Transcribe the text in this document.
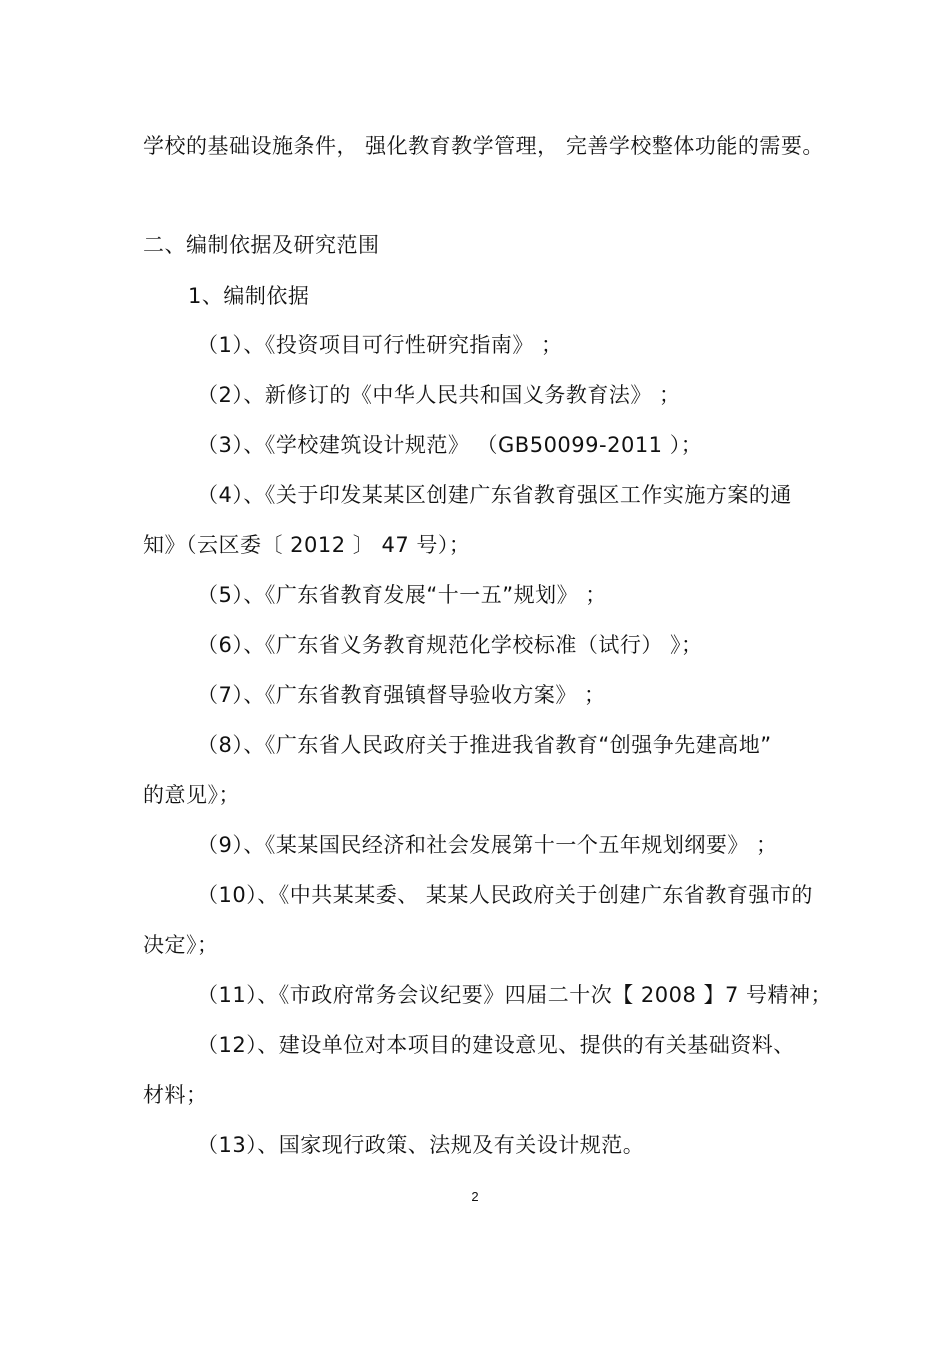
学校的基础设施条件， 强化教育教学管理， 完善学校整体功能的需要。
二、编制依据及研究范围
1、编制依据
（1）、《投资项目可行性研究指南》 ；
（2）、新修订的《中华人民共和国义务教育法》 ；
（3）、《学校建筑设计规范》 （GB50099-2011 ）；
（4）、《关于印发某某区创建广东省教育强区工作实施方案的通
知》（云区委〔 2012 〕 47 号）；
（5）、《广东省教育发展“十一五”规划》 ；
（6）、《广东省义务教育规范化学校标准（试行） 》；
（7）、《广东省教育强镇督导验收方案》 ；
（8）、《广东省人民政府关于推进我省教育“创强争先建高地”
的意见》；
（9）、《某某国民经济和社会发展第十一个五年规划纲要》 ；
（10）、《中共某某委、 某某人民政府关于创建广东省教育强市的
决定》；
（11）、《市政府常务会议纪要》四届二十次【 2008 】7 号精神；
（12）、建设单位对本项目的建设意见、提供的有关基础资料、
材料；
（13）、国家现行政策、法规及有关设计规范。
2
